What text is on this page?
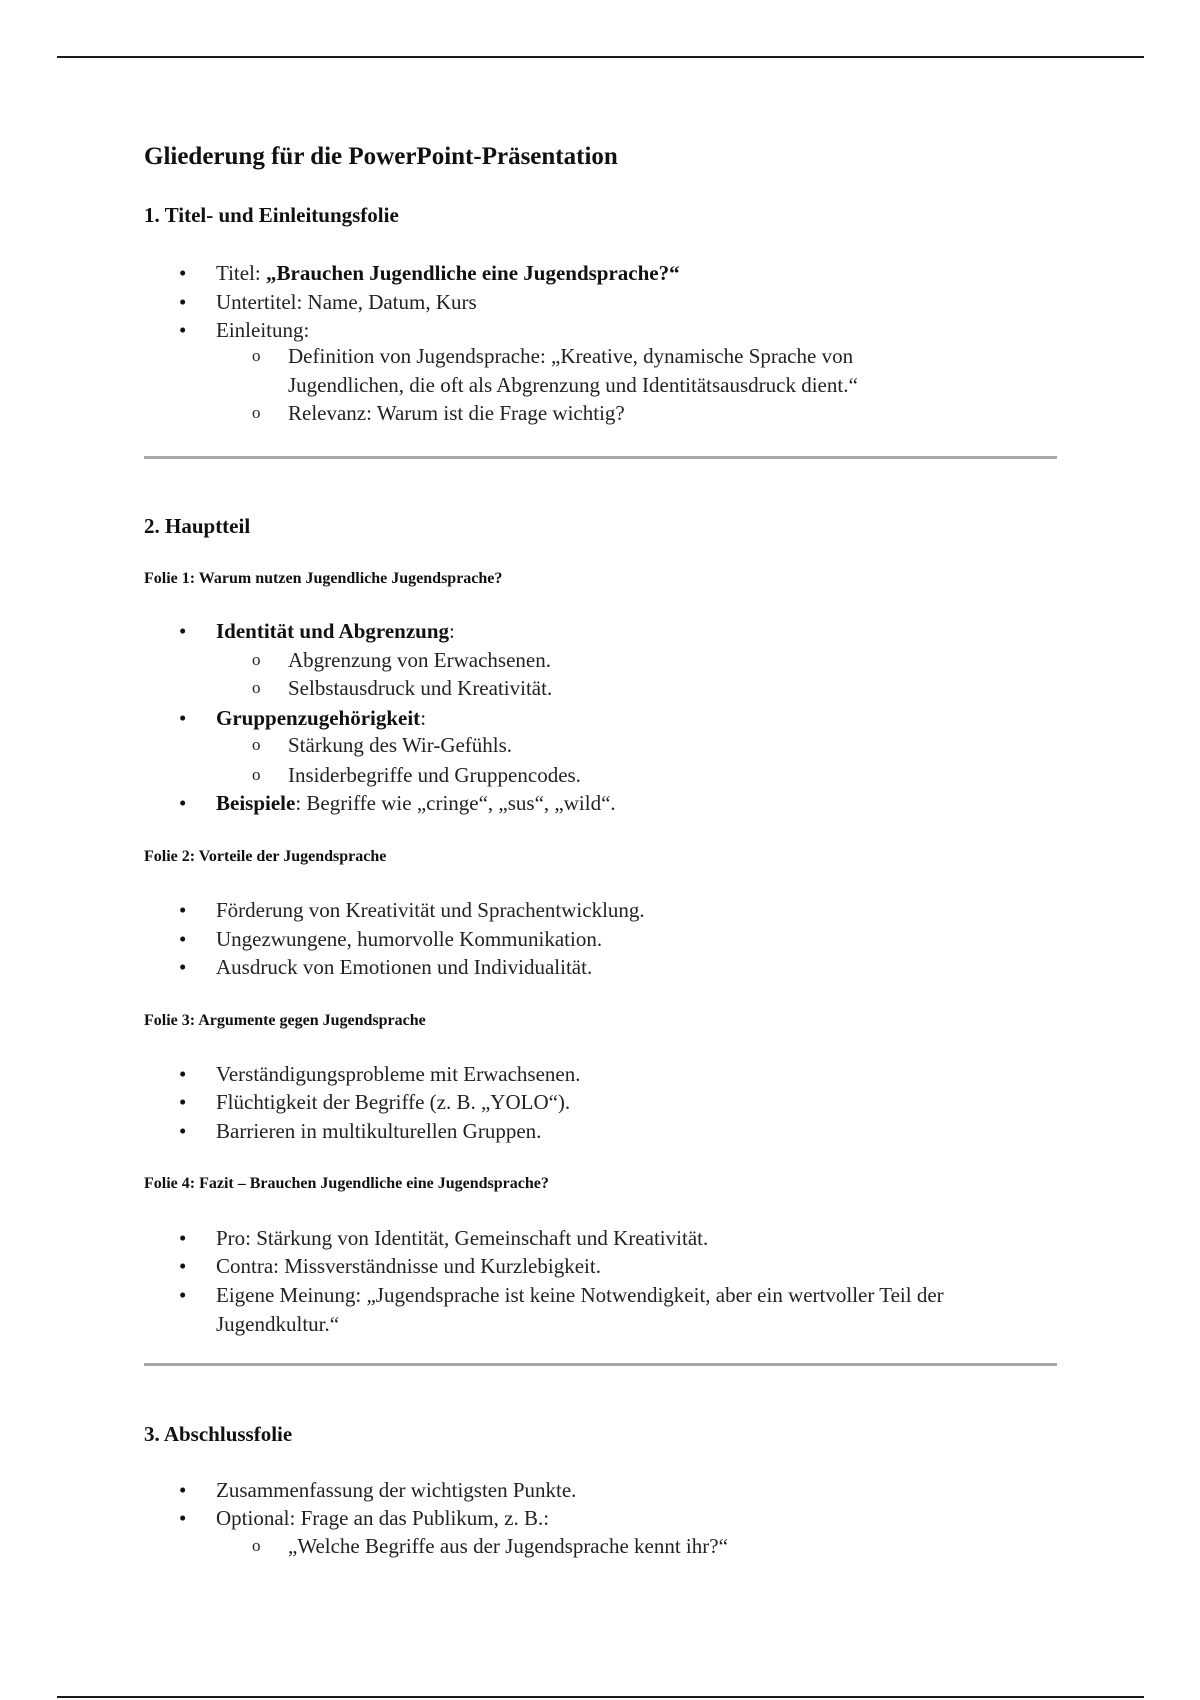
Gliederung für die PowerPoint-Präsentation
1. Titel- und Einleitungsfolie
• Titel: „Brauchen Jugendliche eine Jugendsprache?“
• Untertitel: Name, Datum, Kurs
• Einleitung:
o Definition von Jugendsprache: „Kreative, dynamische Sprache von
Jugendlichen, die oft als Abgrenzung und Identitätsausdruck dient.“
o Relevanz: Warum ist die Frage wichtig?
2. Hauptteil
Folie 1: Warum nutzen Jugendliche Jugendsprache?
• Identität und Abgrenzung:
o Abgrenzung von Erwachsenen.
o Selbstausdruck und Kreativität.
• Gruppenzugehörigkeit:
o Stärkung des Wir-Gefühls.
o Insiderbegriffe und Gruppencodes.
• Beispiele: Begriffe wie „cringe“, „sus“, „wild“.
Folie 2: Vorteile der Jugendsprache
• Förderung von Kreativität und Sprachentwicklung.
• Ungezwungene, humorvolle Kommunikation.
• Ausdruck von Emotionen und Individualität.
Folie 3: Argumente gegen Jugendsprache
• Verständigungsprobleme mit Erwachsenen.
• Flüchtigkeit der Begriffe (z. B. „YOLO“).
• Barrieren in multikulturellen Gruppen.
Folie 4: Fazit – Brauchen Jugendliche eine Jugendsprache?
• Pro: Stärkung von Identität, Gemeinschaft und Kreativität.
• Contra: Missverständnisse und Kurzlebigkeit.
• Eigene Meinung: „Jugendsprache ist keine Notwendigkeit, aber ein wertvoller Teil der
Jugendkultur.“
3. Abschlussfolie
• Zusammenfassung der wichtigsten Punkte.
• Optional: Frage an das Publikum, z. B.:
o „Welche Begriffe aus der Jugendsprache kennt ihr?“
